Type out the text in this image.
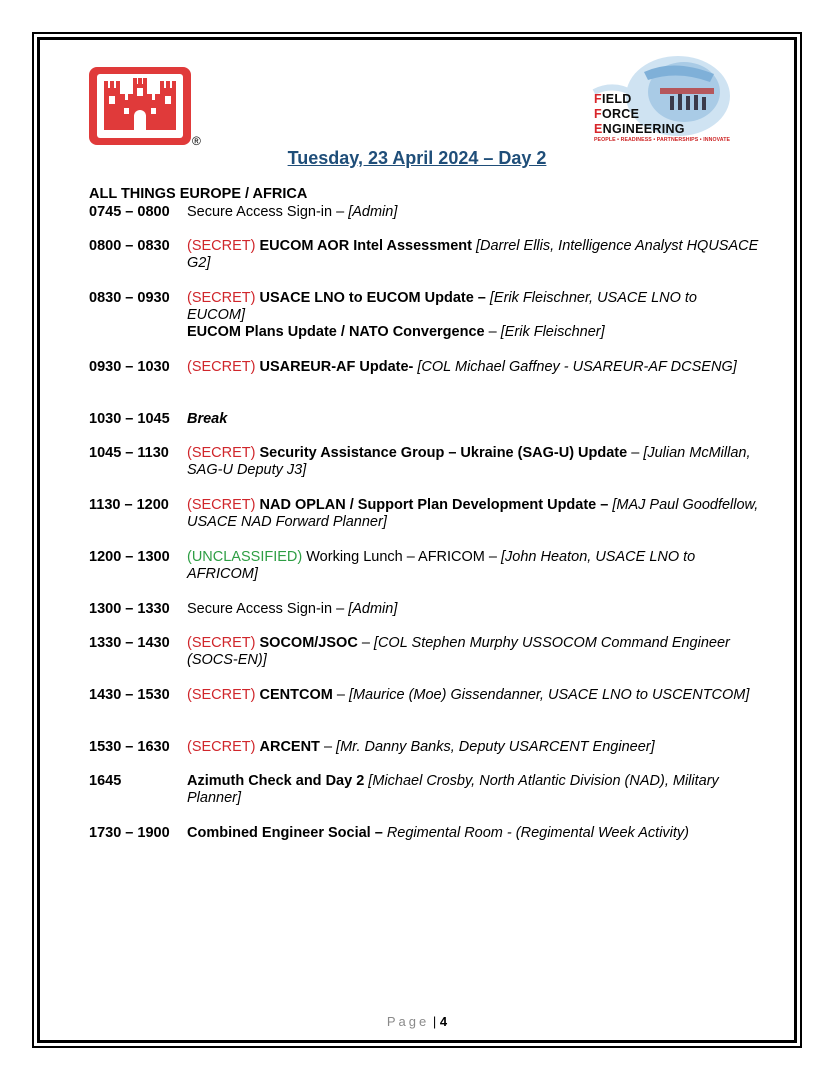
®
FIELD
FORCE
ENGINEERING
PEOPLE • READINESS • PARTNERSHIPS • INNOVATE
Tuesday, 23 April 2024 – Day 2
ALL THINGS EUROPE / AFRICA
0745 – 0800	Secure Access Sign-in – [Admin]
0800 – 0830	(SECRET) EUCOM AOR Intel Assessment [Darrel Ellis, Intelligence Analyst HQUSACE G2]
0830 – 0930	(SECRET) USACE LNO to EUCOM Update – [Erik Fleischner, USACE LNO to EUCOM]
EUCOM Plans Update / NATO Convergence – [Erik Fleischner]
0930 – 1030	(SECRET) USAREUR-AF Update- [COL Michael Gaffney - USAREUR-AF DCSENG]
1030 – 1045	Break
1045 – 1130	(SECRET) Security Assistance Group – Ukraine (SAG-U) Update – [Julian McMillan, SAG-U Deputy J3]
1130 – 1200	(SECRET) NAD OPLAN / Support Plan Development Update – [MAJ Paul Goodfellow, USACE NAD Forward Planner]
1200 – 1300	(UNCLASSIFIED) Working Lunch – AFRICOM – [John Heaton, USACE LNO to AFRICOM]
1300 – 1330	Secure Access Sign-in – [Admin]
1330 – 1430	(SECRET) SOCOM/JSOC – [COL Stephen Murphy USSOCOM Command Engineer (SOCS-EN)]
1430 – 1530	(SECRET) CENTCOM – [Maurice (Moe) Gissendanner, USACE LNO to USCENTCOM]
1530 – 1630	(SECRET) ARCENT – [Mr. Danny Banks, Deputy USARCENT Engineer]
1645	Azimuth Check and Day 2 [Michael Crosby, North Atlantic Division (NAD), Military Planner]
1730 – 1900	Combined Engineer Social – Regimental Room - (Regimental Week Activity)
Page | 4
